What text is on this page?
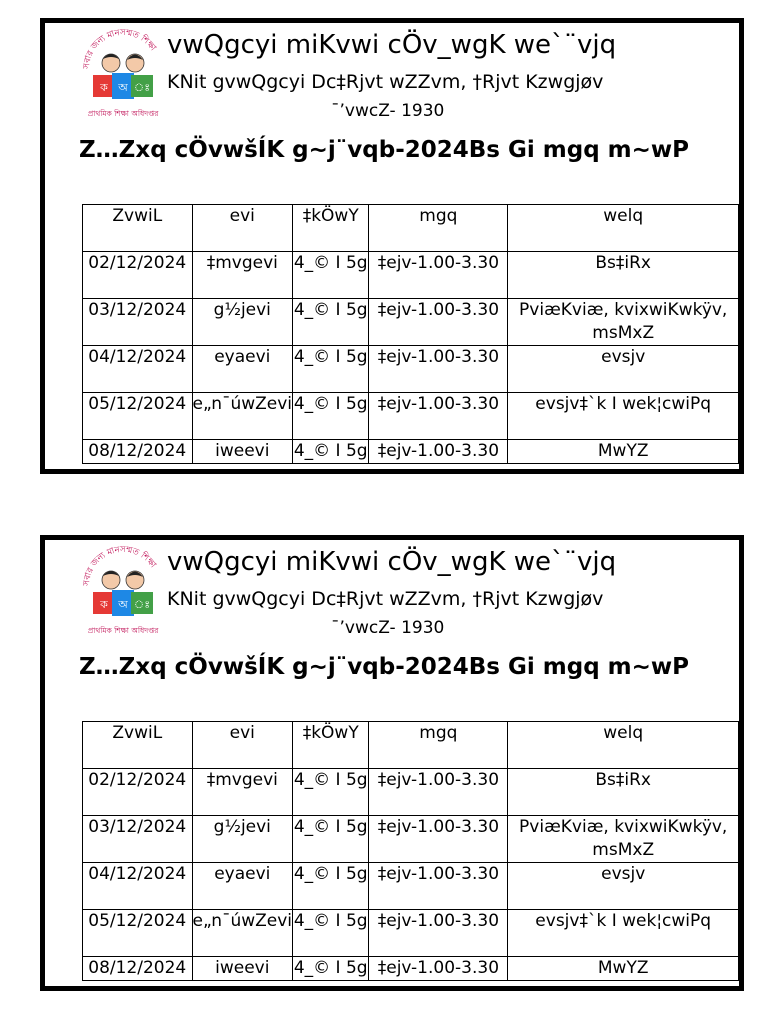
সবার জন্য মানসম্মত শিক্ষা
ক অ ঃ
প্রাথমিক শিক্ষা অধিদপ্তর
vwQgcyi miKvwi cÖv_wgK we`¨vjq
KNit gvwQgcyi Dc‡Rjvt wZZvm, †Rjvt Kzwgjøv
¯’vwcZ- 1930
Z…Zxq cÖvwšÍK g~j¨vqb-2024Bs Gi mgq m~wP
ZvwiL	evi	‡kÖwY	mgq	welq
02/12/2024	‡mvgevi	4_© I 5g	‡ejv-1.00-3.30	Bs‡iRx
03/12/2024	g½jevi	4_© I 5g	‡ejv-1.00-3.30	PviæKviæ, kvixwiKwkÿv, msMxZ
04/12/2024	eyaevi	4_© I 5g	‡ejv-1.00-3.30	evsjv
05/12/2024	e„n¯úwZevi	4_© I 5g	‡ejv-1.00-3.30	evsjv‡`k I wek¦cwiPq
08/12/2024	iweevi	4_© I 5g	‡ejv-1.00-3.30	MwYZ
সবার জন্য মানসম্মত শিক্ষা
ক অ ঃ
প্রাথমিক শিক্ষা অধিদপ্তর
vwQgcyi miKvwi cÖv_wgK we`¨vjq
KNit gvwQgcyi Dc‡Rjvt wZZvm, †Rjvt Kzwgjøv
¯’vwcZ- 1930
Z…Zxq cÖvwšÍK g~j¨vqb-2024Bs Gi mgq m~wP
ZvwiL	evi	‡kÖwY	mgq	welq
02/12/2024	‡mvgevi	4_© I 5g	‡ejv-1.00-3.30	Bs‡iRx
03/12/2024	g½jevi	4_© I 5g	‡ejv-1.00-3.30	PviæKviæ, kvixwiKwkÿv, msMxZ
04/12/2024	eyaevi	4_© I 5g	‡ejv-1.00-3.30	evsjv
05/12/2024	e„n¯úwZevi	4_© I 5g	‡ejv-1.00-3.30	evsjv‡`k I wek¦cwiPq
08/12/2024	iweevi	4_© I 5g	‡ejv-1.00-3.30	MwYZ
